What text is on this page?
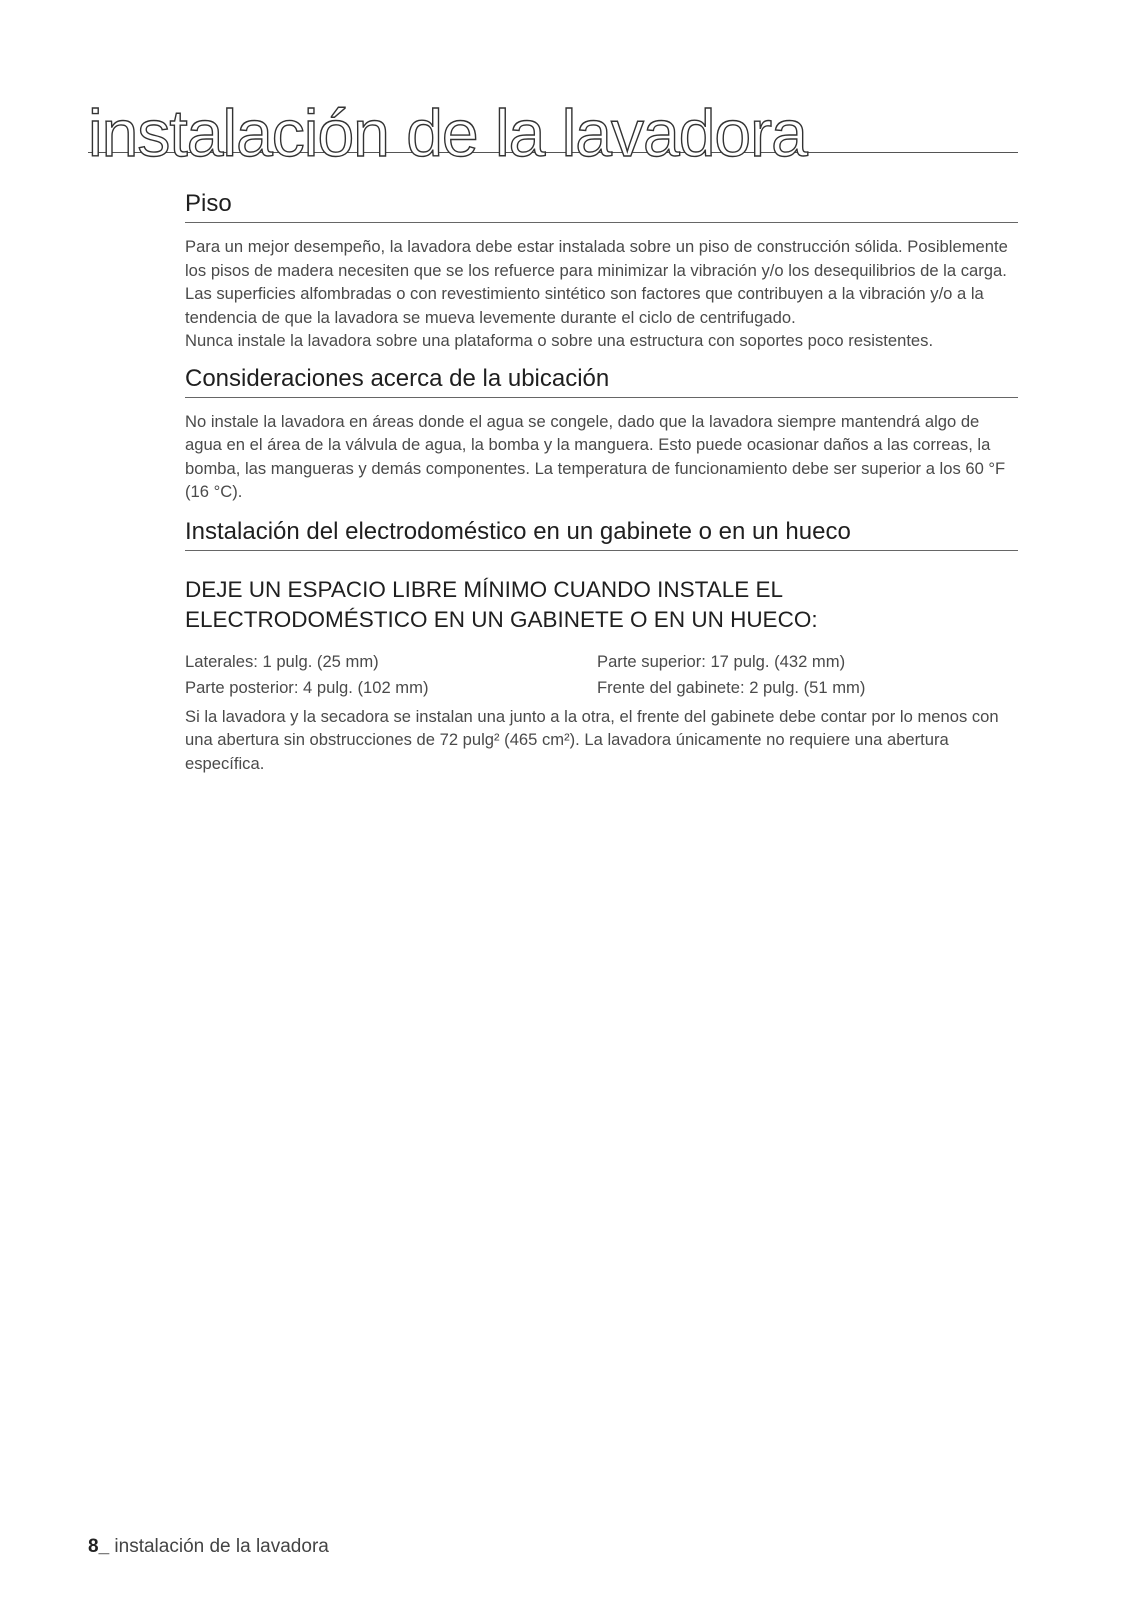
instalación de la lavadora
Piso

Para un mejor desempeño, la lavadora debe estar instalada sobre un piso de construcción sólida. Posiblemente los pisos de madera necesiten que se los refuerce para minimizar la vibración y/o los desequilibrios de la carga. Las superficies alfombradas o con revestimiento sintético son factores que contribuyen a la vibración y/o a la tendencia de que la lavadora se mueva levemente durante el ciclo de centrifugado.

Nunca instale la lavadora sobre una plataforma o sobre una estructura con soportes poco resistentes.

Consideraciones acerca de la ubicación

No instale la lavadora en áreas donde el agua se congele, dado que la lavadora siempre mantendrá algo de agua en el área de la válvula de agua, la bomba y la manguera. Esto puede ocasionar daños a las correas, la bomba, las mangueras y demás componentes. La temperatura de funcionamiento debe ser superior a los 60 °F (16 °C).

Instalación del electrodoméstico en un gabinete o en un hueco

DEJE UN ESPACIO LIBRE MÍNIMO CUANDO INSTALE EL ELECTRODOMÉSTICO EN UN GABINETE O EN UN HUECO:

Laterales: 1 pulg. (25 mm)	Parte superior: 17 pulg. (432 mm)
Parte posterior: 4 pulg. (102 mm)	Frente del gabinete: 2 pulg. (51 mm)

Si la lavadora y la secadora se instalan una junto a la otra, el frente del gabinete debe contar por lo menos con una abertura sin obstrucciones de 72 pulg² (465 cm²). La lavadora únicamente no requiere una abertura específica.

8_ instalación de la lavadora
